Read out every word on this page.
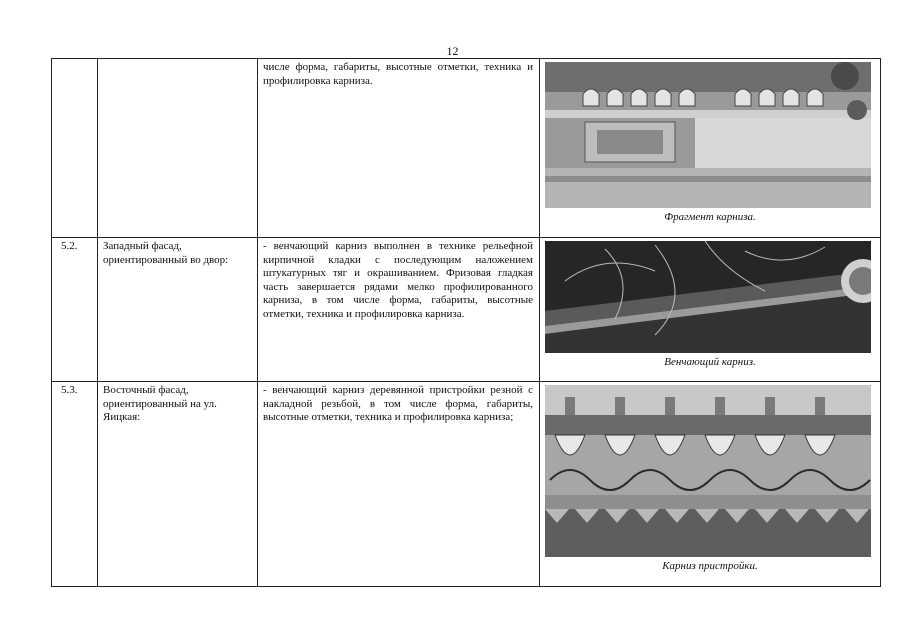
12

		числе форма, габариты, высотные отметки, техника и профилировка карниза.	Фрагмент карниза.

5.2.	Западный фасад, ориентированный во двор:	- венчающий карниз выполнен в технике рельефной кирпичной кладки с последующим наложением штукатурных тяг и окрашиванием. Фризовая гладкая часть завершается рядами мелко профилированного карниза, в том числе форма, габариты, высотные отметки, техника и профилировка карниза.	Венчающий карниз.

5.3.	Восточный фасад, ориентированный на ул. Яицкая:	- венчающий карниз деревянной пристройки резной с накладной резьбой, в том числе форма, габариты, высотные отметки, техника и профилировка карниза;	Карниз пристройки.
